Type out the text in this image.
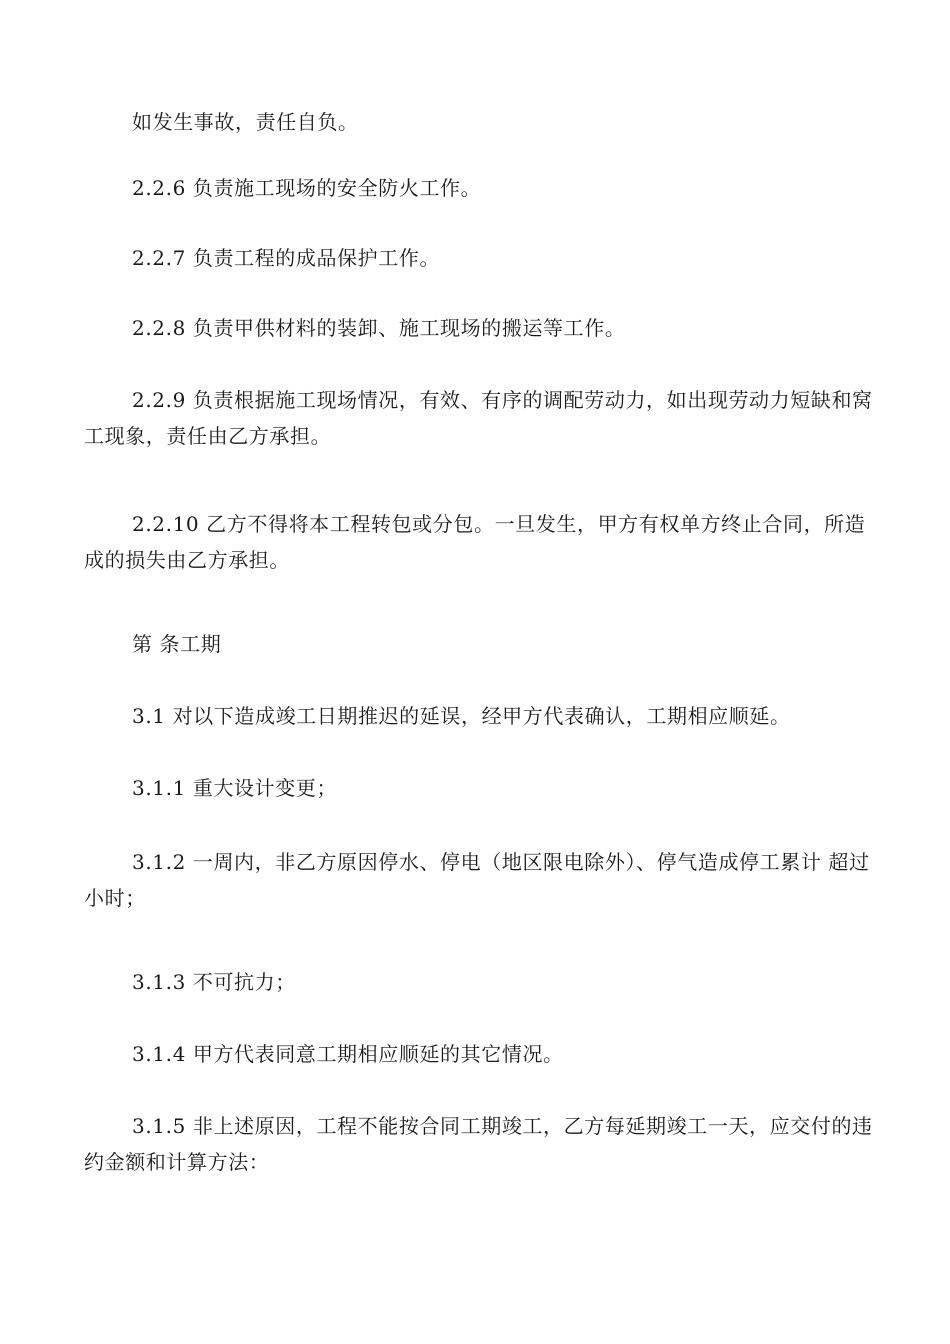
如发生事故，责任自负。

2.2.6 负责施工现场的安全防火工作。

2.2.7 负责工程的成品保护工作。

2.2.8 负责甲供材料的装卸、施工现场的搬运等工作。

2.2.9 负责根据施工现场情况，有效、有序的调配劳动力，如出现劳动力短缺和窝工现象，责任由乙方承担。

2.2.10 乙方不得将本工程转包或分包。一旦发生，甲方有权单方终止合同，所造成的损失由乙方承担。

第 条工期

3.1 对以下造成竣工日期推迟的延误，经甲方代表确认，工期相应顺延。

3.1.1 重大设计变更；

3.1.2 一周内，非乙方原因停水、停电（地区限电除外）、停气造成停工累计 超过 小时；

3.1.3 不可抗力；

3.1.4 甲方代表同意工期相应顺延的其它情况。

3.1.5 非上述原因，工程不能按合同工期竣工，乙方每延期竣工一天，应交付的违约金额和计算方法：
